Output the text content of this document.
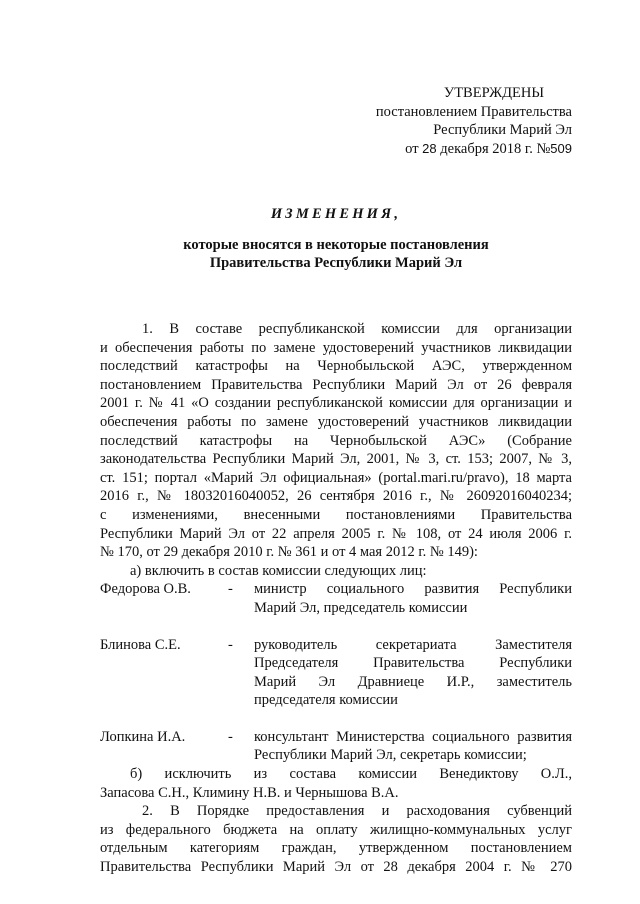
УТВЕРЖДЕНЫ
постановлением Правительства
Республики Марий Эл
от 28 декабря 2018 г. №509
ИЗМЕНЕНИЯ,
которые вносятся в некоторые постановления
Правительства Республики Марий Эл
1. В составе республиканской комиссии для организации
и обеспечения работы по замене удостоверений участников ликвидации
последствий катастрофы на Чернобыльской АЭС, утвержденном
постановлением Правительства Республики Марий Эл от 26 февраля
2001 г. № 41 «О создании республиканской комиссии для организации и
обеспечения работы по замене удостоверений участников ликвидации
последствий катастрофы на Чернобыльской АЭС» (Собрание
законодательства Республики Марий Эл, 2001, № 3, ст. 153; 2007, № 3,
ст. 151; портал «Марий Эл официальная» (portal.mari.ru/pravo), 18 марта
2016 г., № 18032016040052, 26 сентября 2016 г., № 26092016040234;
с изменениями, внесенными постановлениями Правительства
Республики Марий Эл от 22 апреля 2005 г. № 108, от 24 июля 2006 г.
№ 170, от 29 декабря 2010 г. № 361 и от 4 мая 2012 г. № 149):
а) включить в состав комиссии следующих лиц:
Федорова О.В.	-	министр социального развития Республики
Марий Эл, председатель комиссии
Блинова С.Е.	-	руководитель секретариата Заместителя
Председателя Правительства Республики
Марий Эл Дравниеце И.Р., заместитель
председателя комиссии
Лопкина И.А.	-	консультант Министерства социального развития
Республики Марий Эл, секретарь комиссии;
б) исключить из состава комиссии Венедиктову О.Л.,
Запасова С.Н., Климину Н.В. и Чернышова В.А.
2. В Порядке предоставления и расходования субвенций
из федерального бюджета на оплату жилищно-коммунальных услуг
отдельным категориям граждан, утвержденном постановлением
Правительства Республики Марий Эл от 28 декабря 2004 г. № 270
